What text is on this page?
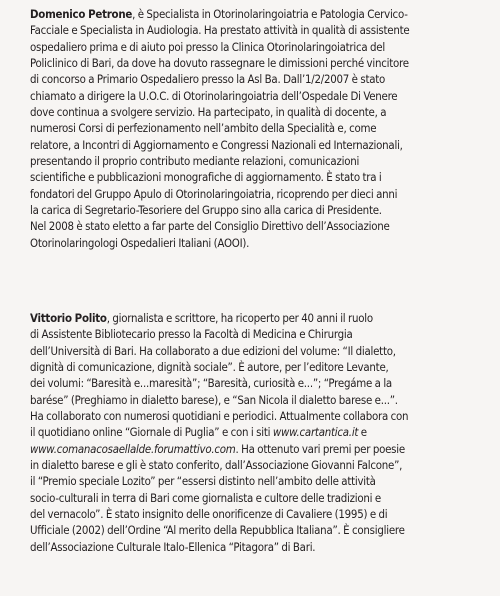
Domenico Petrone, è Specialista in Otorinolaringoiatria e Patologia Cervico-
Facciale e Specialista in Audiologia. Ha prestato attività in qualità di assistente
ospedaliero prima e di aiuto poi presso la Clinica Otorinolaringoiatrica del
Policlinico di Bari, da dove ha dovuto rassegnare le dimissioni perché vincitore
di concorso a Primario Ospedaliero presso la Asl Ba. Dall’1/2/2007 è stato
chiamato a dirigere la U.O.C. di Otorinolaringoiatria dell’Ospedale Di Venere
dove continua a svolgere servizio. Ha partecipato, in qualità di docente, a
numerosi Corsi di perfezionamento nell’ambito della Specialità e, come
relatore, a Incontri di Aggiornamento e Congressi Nazionali ed Internazionali,
presentando il proprio contributo mediante relazioni, comunicazioni
scientifiche e pubblicazioni monografiche di aggiornamento. È stato tra i
fondatori del Gruppo Apulo di Otorinolaringoiatria, ricoprendo per dieci anni
la carica di Segretario-Tesoriere del Gruppo sino alla carica di Presidente.
Nel 2008 è stato eletto a far parte del Consiglio Direttivo dell’Associazione
Otorinolaringologi Ospedalieri Italiani (AOOI).
Vittorio Polito, giornalista e scrittore, ha ricoperto per 40 anni il ruolo
di Assistente Bibliotecario presso la Facoltà di Medicina e Chirurgia
dell’Università di Bari. Ha collaborato a due edizioni del volume: “Il dialetto,
dignità di comunicazione, dignità sociale”. È autore, per l’editore Levante,
dei volumi: “Baresità e...maresità”; “Baresità, curiosità e...”; “Pregáme a la
barése” (Preghiamo in dialetto barese), e “San Nicola il dialetto barese e...”.
Ha collaborato con numerosi quotidiani e periodici. Attualmente collabora con
il quotidiano online “Giornale di Puglia” e con i siti www.cartantica.it e
www.comanacosaellalde.forumattivo.com. Ha ottenuto vari premi per poesie
in dialetto barese e gli è stato conferito, dall’Associazione Giovanni Falcone”,
il “Premio speciale Lozito” per “essersi distinto nell’ambito delle attività
socio-culturali in terra di Bari come giornalista e cultore delle tradizioni e
del vernacolo”. È stato insignito delle onorificenze di Cavaliere (1995) e di
Ufficiale (2002) dell’Ordine “Al merito della Repubblica Italiana”. È consigliere
dell’Associazione Culturale Italo-Ellenica “Pitagora” di Bari.
